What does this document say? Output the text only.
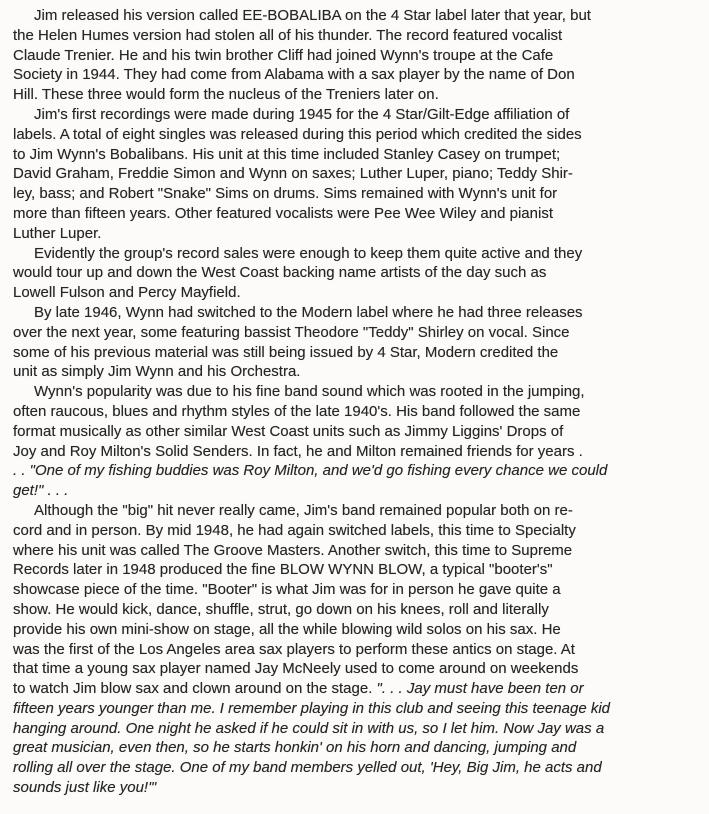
Jim released his version called EE-BOBALIBA on the 4 Star label later that year, but
the Helen Humes version had stolen all of his thunder. The record featured vocalist
Claude Trenier. He and his twin brother Cliff had joined Wynn's troupe at the Cafe
Society in 1944. They had come from Alabama with a sax player by the name of Don
Hill. These three would form the nucleus of the Treniers later on.

Jim's first recordings were made during 1945 for the 4 Star/Gilt-Edge affiliation of
labels. A total of eight singles was released during this period which credited the sides
to Jim Wynn's Bobalibans. His unit at this time included Stanley Casey on trumpet;
David Graham, Freddie Simon and Wynn on saxes; Luther Luper, piano; Teddy Shir-
ley, bass; and Robert "Snake" Sims on drums. Sims remained with Wynn's unit for
more than fifteen years. Other featured vocalists were Pee Wee Wiley and pianist
Luther Luper.

Evidently the group's record sales were enough to keep them quite active and they
would tour up and down the West Coast backing name artists of the day such as
Lowell Fulson and Percy Mayfield.

By late 1946, Wynn had switched to the Modern label where he had three releases
over the next year, some featuring bassist Theodore "Teddy" Shirley on vocal. Since
some of his previous material was still being issued by 4 Star, Modern credited the
unit as simply Jim Wynn and his Orchestra.

Wynn's popularity was due to his fine band sound which was rooted in the jumping,
often raucous, blues and rhythm styles of the late 1940's. His band followed the same
format musically as other similar West Coast units such as Jimmy Liggins' Drops of
Joy and Roy Milton's Solid Senders. In fact, he and Milton remained friends for years .
. . "One of my fishing buddies was Roy Milton, and we'd go fishing every chance we could
get!" . . .

Although the "big" hit never really came, Jim's band remained popular both on re-
cord and in person. By mid 1948, he had again switched labels, this time to Specialty
where his unit was called The Groove Masters. Another switch, this time to Supreme
Records later in 1948 produced the fine BLOW WYNN BLOW, a typical "booter's"
showcase piece of the time. "Booter" is what Jim was for in person he gave quite a
show. He would kick, dance, shuffle, strut, go down on his knees, roll and literally
provide his own mini-show on stage, all the while blowing wild solos on his sax. He
was the first of the Los Angeles area sax players to perform these antics on stage. At
that time a young sax player named Jay McNeely used to come around on weekends
to watch Jim blow sax and clown around on the stage. ". . . Jay must have been ten or
fifteen years younger than me. I remember playing in this club and seeing this teenage kid
hanging around. One night he asked if he could sit in with us, so I let him. Now Jay was a
great musician, even then, so he starts honkin' on his horn and dancing, jumping and
rolling all over the stage. One of my band members yelled out, 'Hey, Big Jim, he acts and
sounds just like you!'"
